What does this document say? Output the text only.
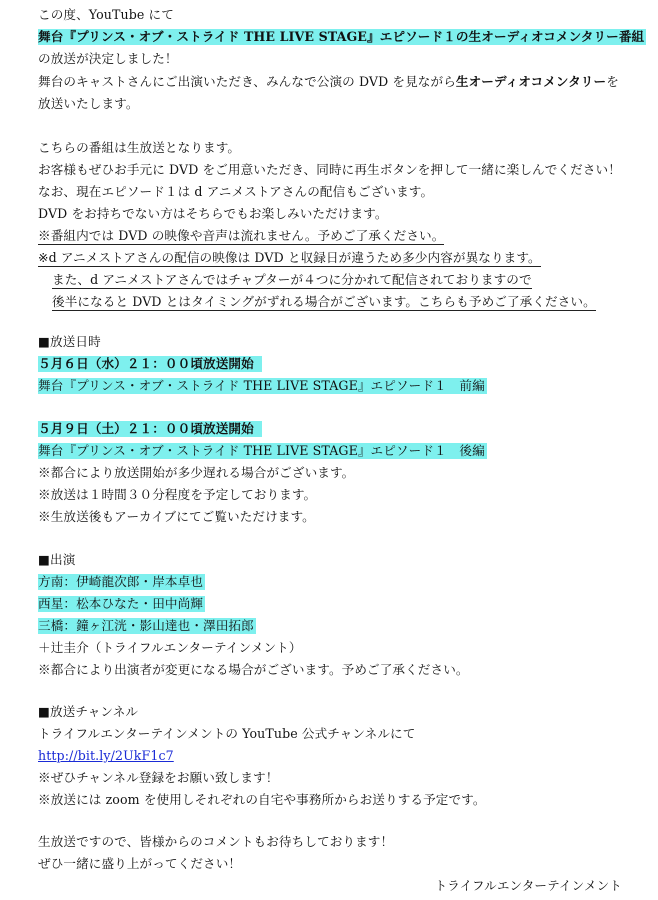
この度、YouTube にて
舞台『プリンス・オブ・ストライド THE LIVE STAGE』エピソード１の生オーディオコメンタリー番組
の放送が決定しました！
舞台のキャストさんにご出演いただき、みんなで公演の DVD を見ながら生オーディオコメンタリーを
放送いたします。
こちらの番組は生放送となります。
お客様もぜひお手元に DVD をご用意いただき、同時に再生ボタンを押して一緒に楽しんでください！
なお、現在エピソード１は d アニメストアさんの配信もございます。
DVD をお持ちでない方はそちらでもお楽しみいただけます。
※番組内では DVD の映像や音声は流れません。予めご了承ください。
※d アニメストアさんの配信の映像は DVD と収録日が違うため多少内容が異なります。
また、d アニメストアさんではチャプターが４つに分かれて配信されておりますので
後半になると DVD とはタイミングがずれる場合がございます。こちらも予めご了承ください。
■放送日時
５月６日（水）２１：００頃放送開始
舞台『プリンス・オブ・ストライド THE LIVE STAGE』エピソード１　前編
５月９日（土）２１：００頃放送開始
舞台『プリンス・オブ・ストライド THE LIVE STAGE』エピソード１　後編
※都合により放送開始が多少遅れる場合がございます。
※放送は１時間３０分程度を予定しております。
※生放送後もアーカイブにてご覧いただけます。
■出演
方南：伊崎龍次郎・岸本卓也
西星：松本ひなた・田中尚輝
三橋：鐘ヶ江洸・影山達也・澤田拓郎
＋辻圭介（トライフルエンターテインメント）
※都合により出演者が変更になる場合がございます。予めご了承ください。
■放送チャンネル
トライフルエンターテインメントの YouTube 公式チャンネルにて
http://bit.ly/2UkF1c7
※ぜひチャンネル登録をお願い致します！
※放送には zoom を使用しそれぞれの自宅や事務所からお送りする予定です。
生放送ですので、皆様からのコメントもお待ちしております！
ぜひ一緒に盛り上がってください！
トライフルエンターテインメント
